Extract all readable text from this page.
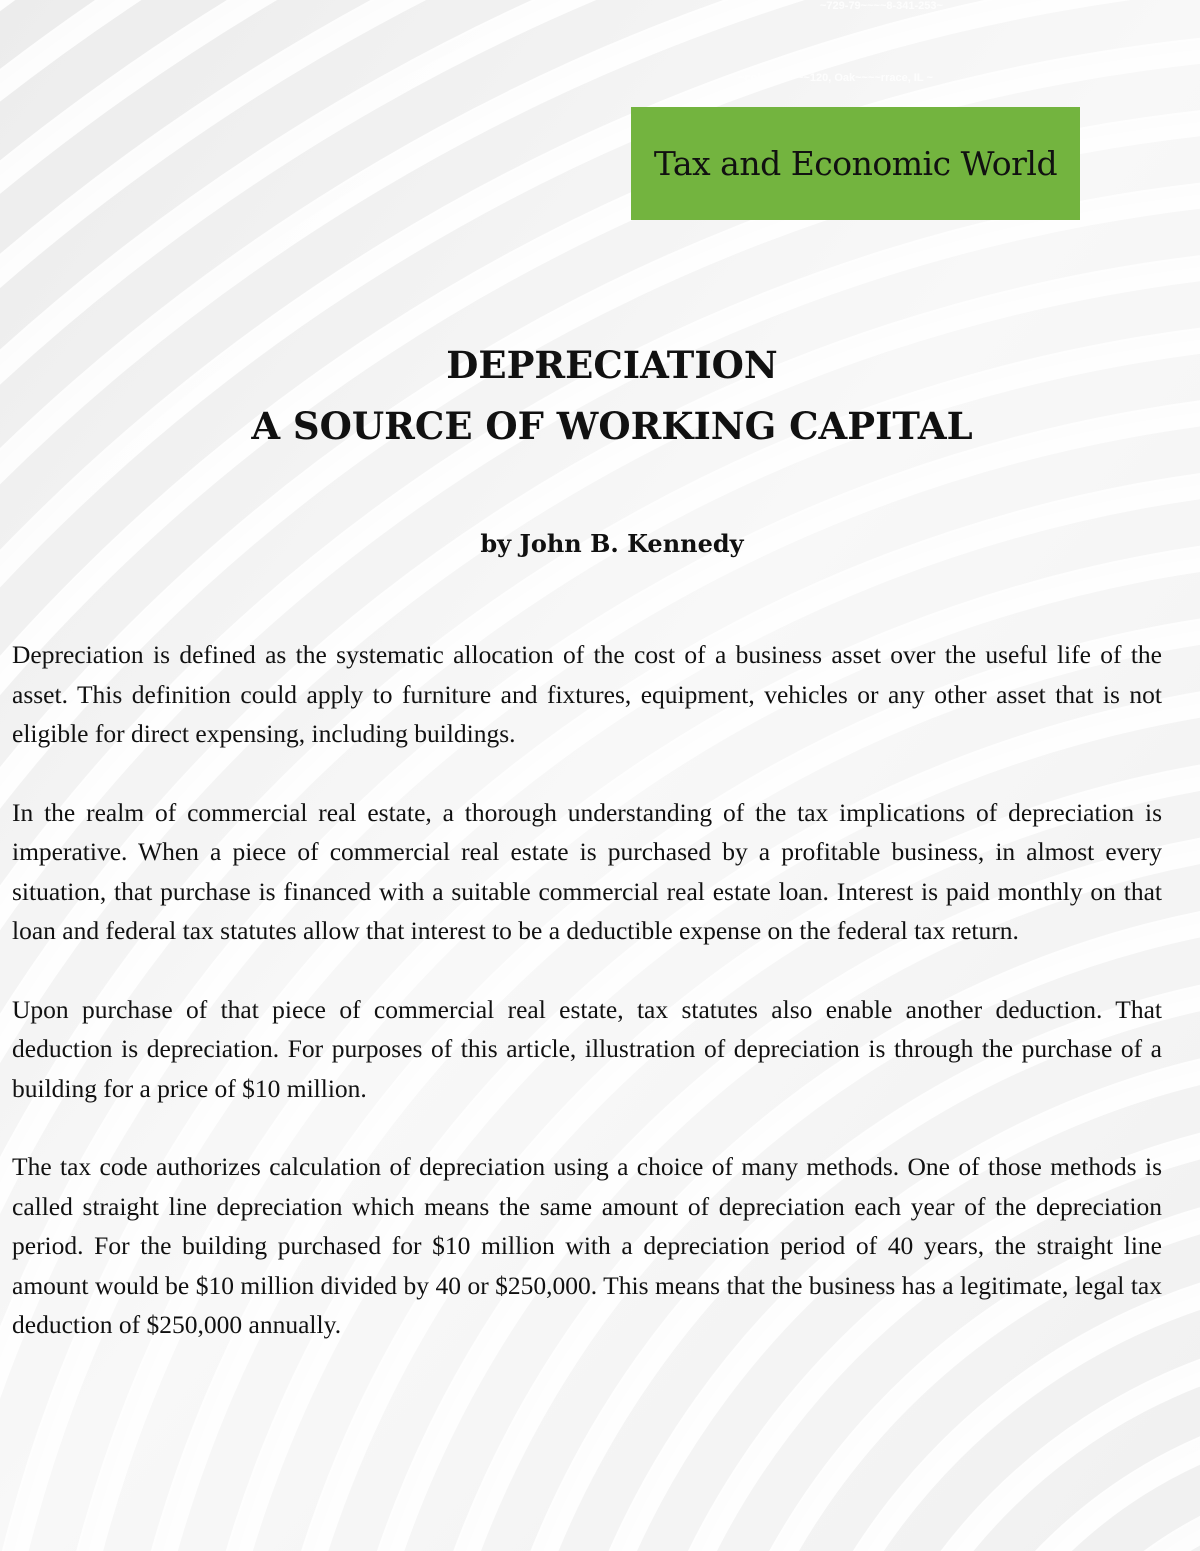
~729-79~~~~8-341-253~
▲
~coln Ce~~~~120, Oak~~~~rrace, IL ~
Tax and Economic World
DEPRECIATION
A SOURCE OF WORKING CAPITAL
by John B. Kennedy

Depreciation is defined as the systematic allocation of the cost of a business asset over the useful life of the asset. This definition could apply to furniture and fixtures, equipment, vehicles or any other asset that is not eligible for direct expensing, including buildings.

In the realm of commercial real estate, a thorough understanding of the tax implications of depreciation is imperative. When a piece of commercial real estate is purchased by a profitable business, in almost every situation, that purchase is financed with a suitable commercial real estate loan. Interest is paid monthly on that loan and federal tax statutes allow that interest to be a deductible expense on the federal tax return.

Upon purchase of that piece of commercial real estate, tax statutes also enable another deduction. That deduction is depreciation. For purposes of this article, illustration of depreciation is through the purchase of a building for a price of $10 million.

The tax code authorizes calculation of depreciation using a choice of many methods. One of those methods is called straight line depreciation which means the same amount of depreciation each year of the depreciation period. For the building purchased for $10 million with a depreciation period of 40 years, the straight line amount would be $10 million divided by 40 or $250,000. This means that the business has a legitimate, legal tax deduction of $250,000 annually.
